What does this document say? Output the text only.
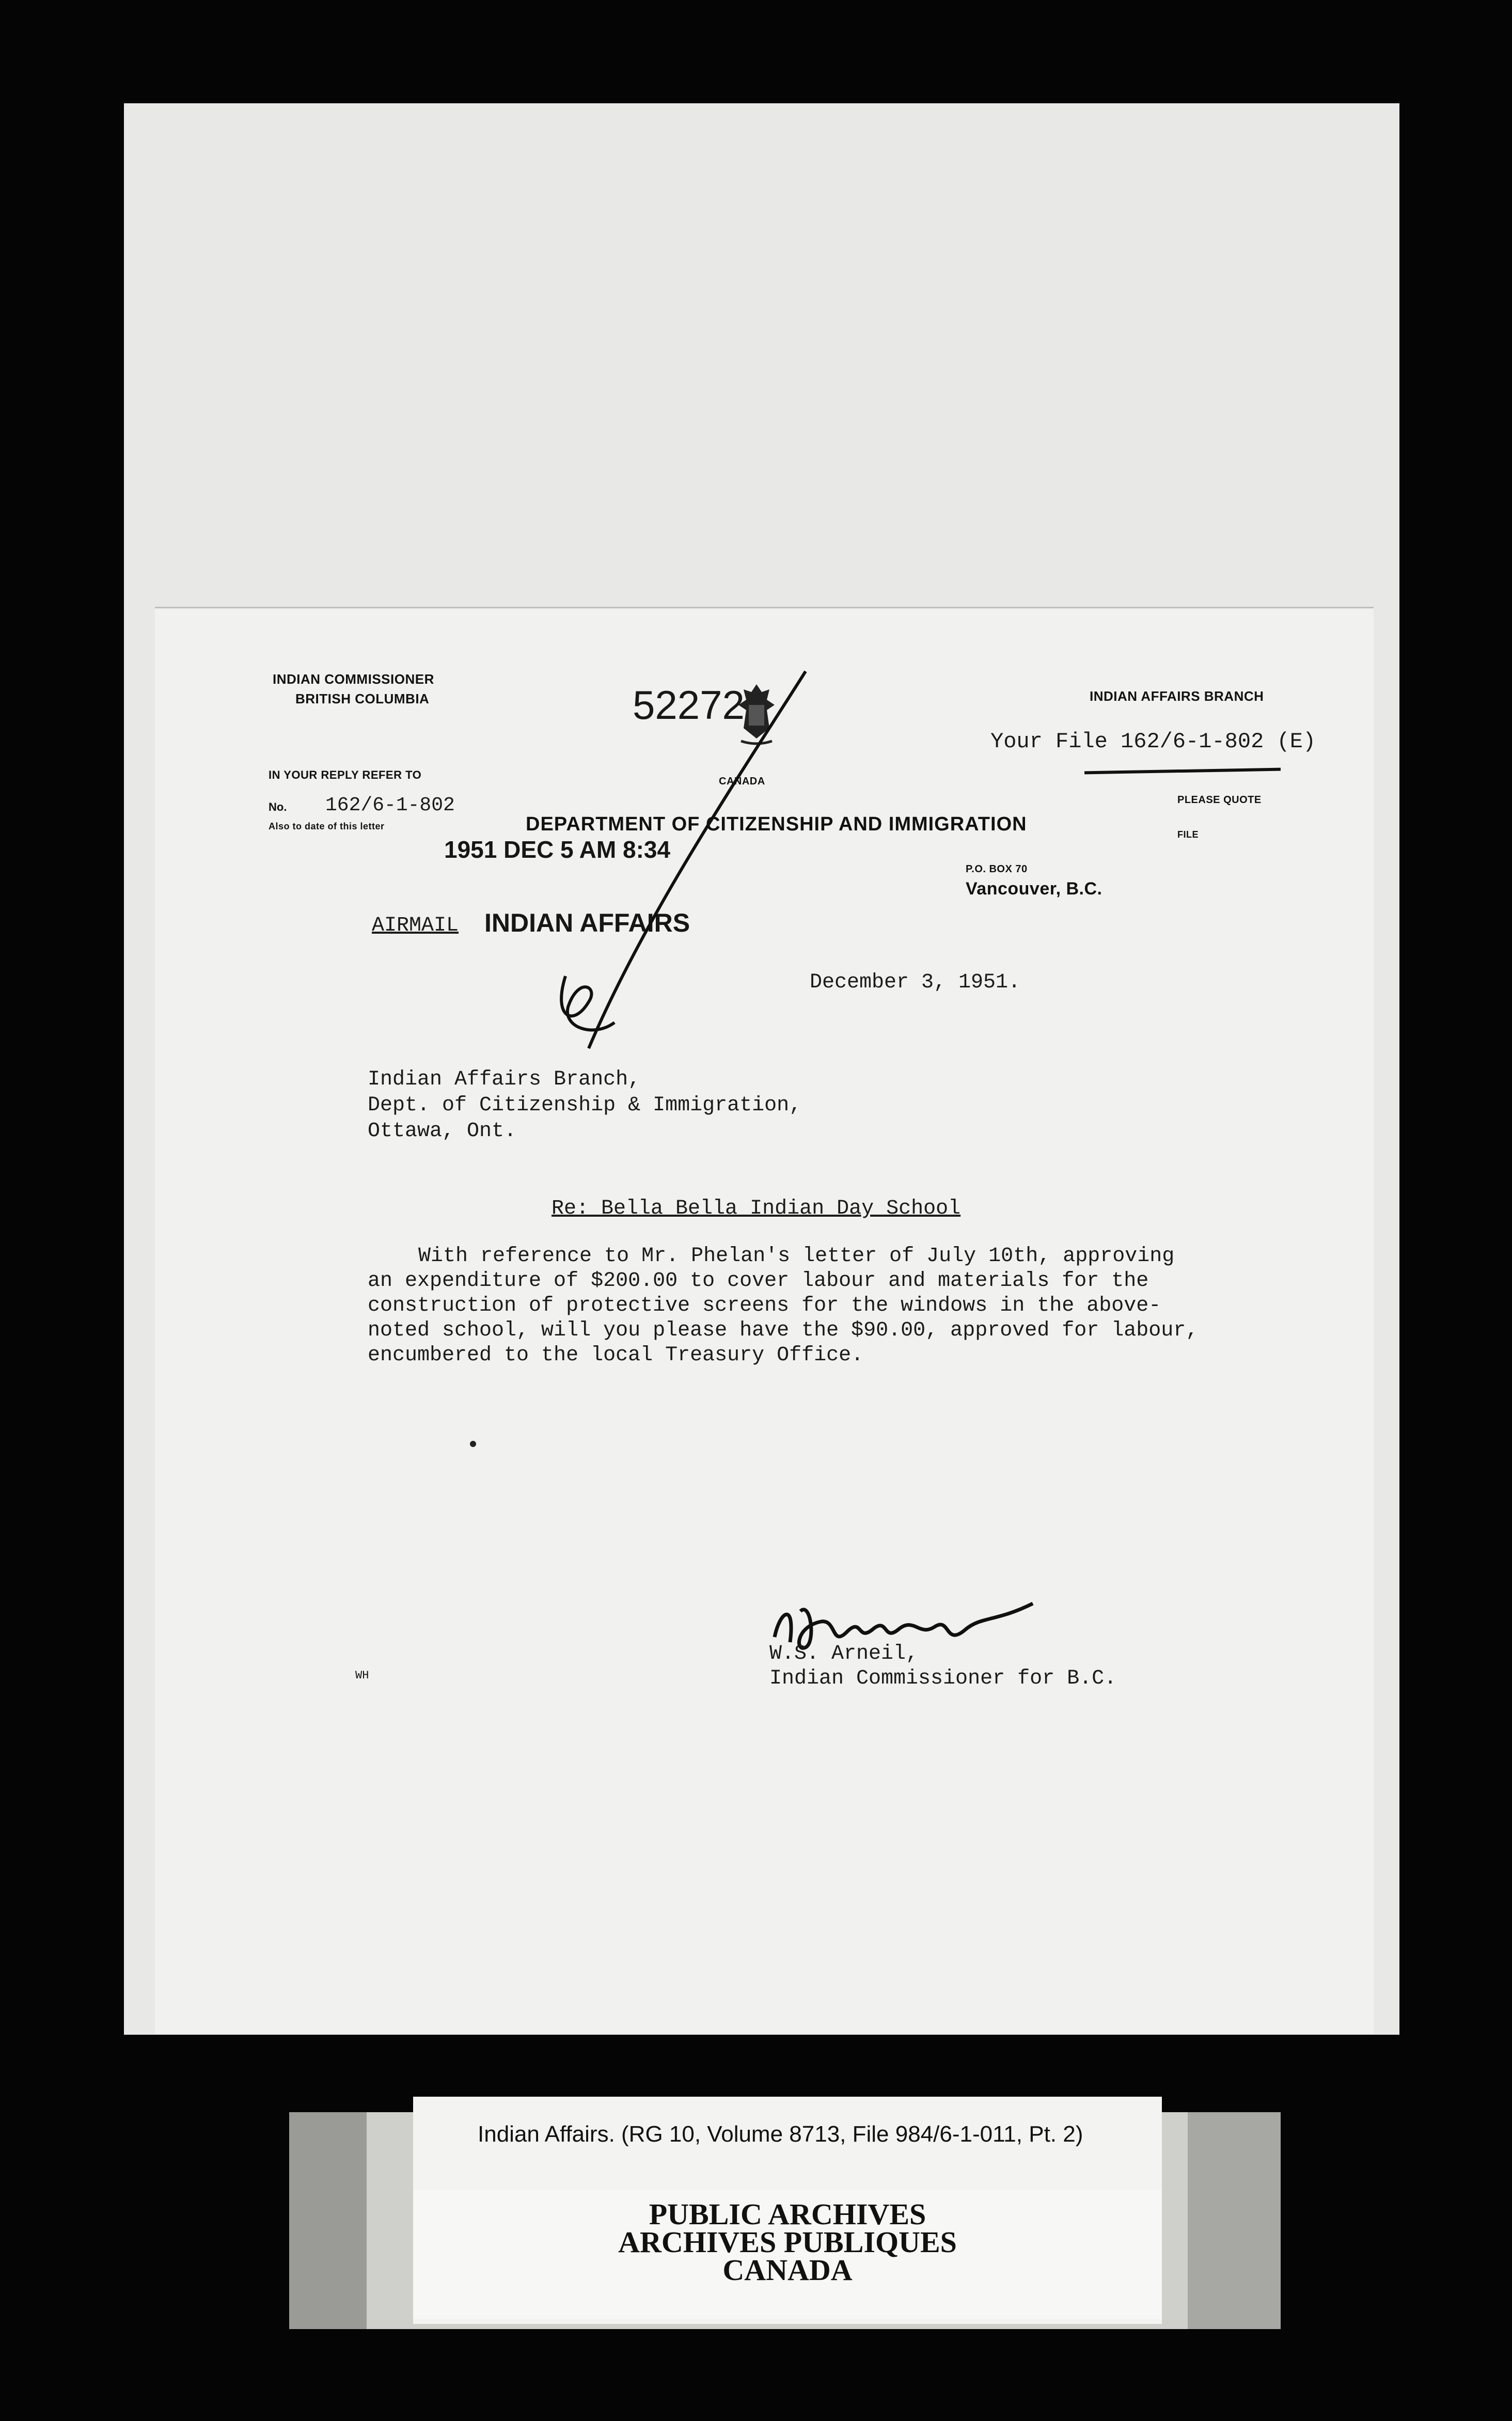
INDIAN COMMISSIONER
BRITISH COLUMBIA
IN YOUR REPLY REFER TO
No. 162/6-1-802
Also to date of this letter
CANADA
52272
DEPARTMENT OF CITIZENSHIP AND IMMIGRATION
1951 DEC 5 AM 8:34
INDIAN AFFAIRS BRANCH
Your File 162/6-1-802 (E)
PLEASE QUOTE
FILE
P.O. BOX 70
Vancouver, B.C.
AIRMAIL INDIAN AFFAIRS
December 3, 1951.
Indian Affairs Branch,
Dept. of Citizenship & Immigration,
Ottawa, Ont.
Re: Bella Bella Indian Day School
With reference to Mr. Phelan's letter of July 10th, approving
an expenditure of $200.00 to cover labour and materials for the
construction of protective screens for the windows in the above-
noted school, will you please have the $90.00, approved for labour,
encumbered to the local Treasury Office.
W.S. Arneil,
Indian Commissioner for B.C.
WH
Indian Affairs. (RG 10, Volume 8713, File 984/6-1-011, Pt. 2)
PUBLIC ARCHIVES
ARCHIVES PUBLIQUES
CANADA
